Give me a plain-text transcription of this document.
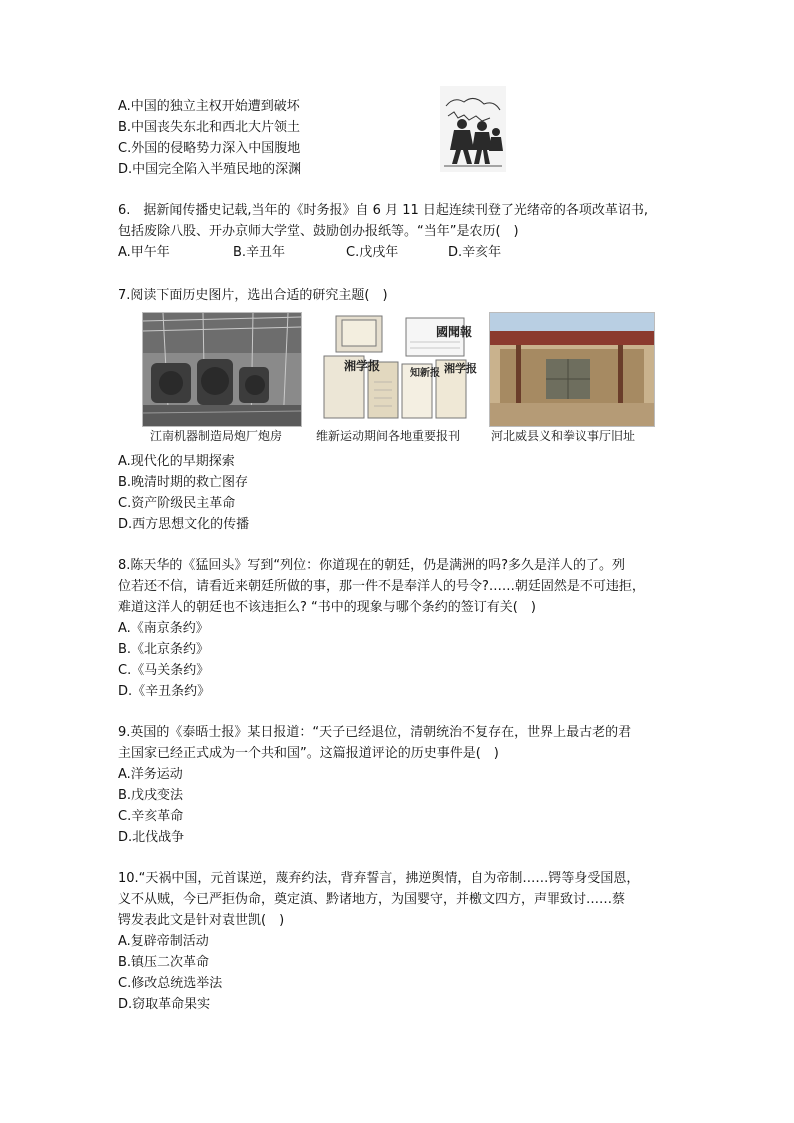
A.中国的独立主权开始遭到破坏
B.中国丧失东北和西北大片领土
C.外国的侵略势力深入中国腹地
D.中国完全陷入半殖民地的深渊
6.　据新闻传播史记载,当年的《时务报》自 6 月 11 日起连续刊登了光绪帝的各项改革诏书,
包括废除八股、开办京师大学堂、鼓励创办报纸等。“当年”是农历(　)
A.甲午年	B.辛丑年	C.戊戌年	D.辛亥年
7.阅读下面历史图片，选出合适的研究主题(　)
湘学报
知新报 湘学报
國聞報
江南机器制造局炮厂炮房	维新运动期间各地重要报刊	河北威县义和拳议事厅旧址
A.现代化的早期探索
B.晚清时期的救亡图存
C.资产阶级民主革命
D.西方思想文化的传播
8.陈天华的《猛回头》写到“列位：你道现在的朝廷，仍是满洲的吗?多久是洋人的了。列
位若还不信，请看近来朝廷所做的事，那一件不是奉洋人的号令?……朝廷固然是不可违拒，
难道这洋人的朝廷也不该违拒么? “书中的现象与哪个条约的签订有关(　)
A.《南京条约》
B.《北京条约》
C.《马关条约》
D.《辛丑条约》
9.英国的《泰晤士报》某日报道：“天子已经退位，清朝统治不复存在，世界上最古老的君
主国家已经正式成为一个共和国”。这篇报道评论的历史事件是(　)
A.洋务运动
B.戊戌变法
C.辛亥革命
D.北伐战争
10.“天祸中国，元首谋逆，蔑弃约法，背弃誓言，拂逆舆情，自为帝制……锷等身受国恩，
义不从贼，今已严拒伪命，奠定滇、黔诸地方，为国婴守，并檄文四方，声罪致讨……蔡
锷发表此文是针对袁世凯(　)
A.复辟帝制活动
B.镇压二次革命
C.修改总统选举法
D.窃取革命果实
